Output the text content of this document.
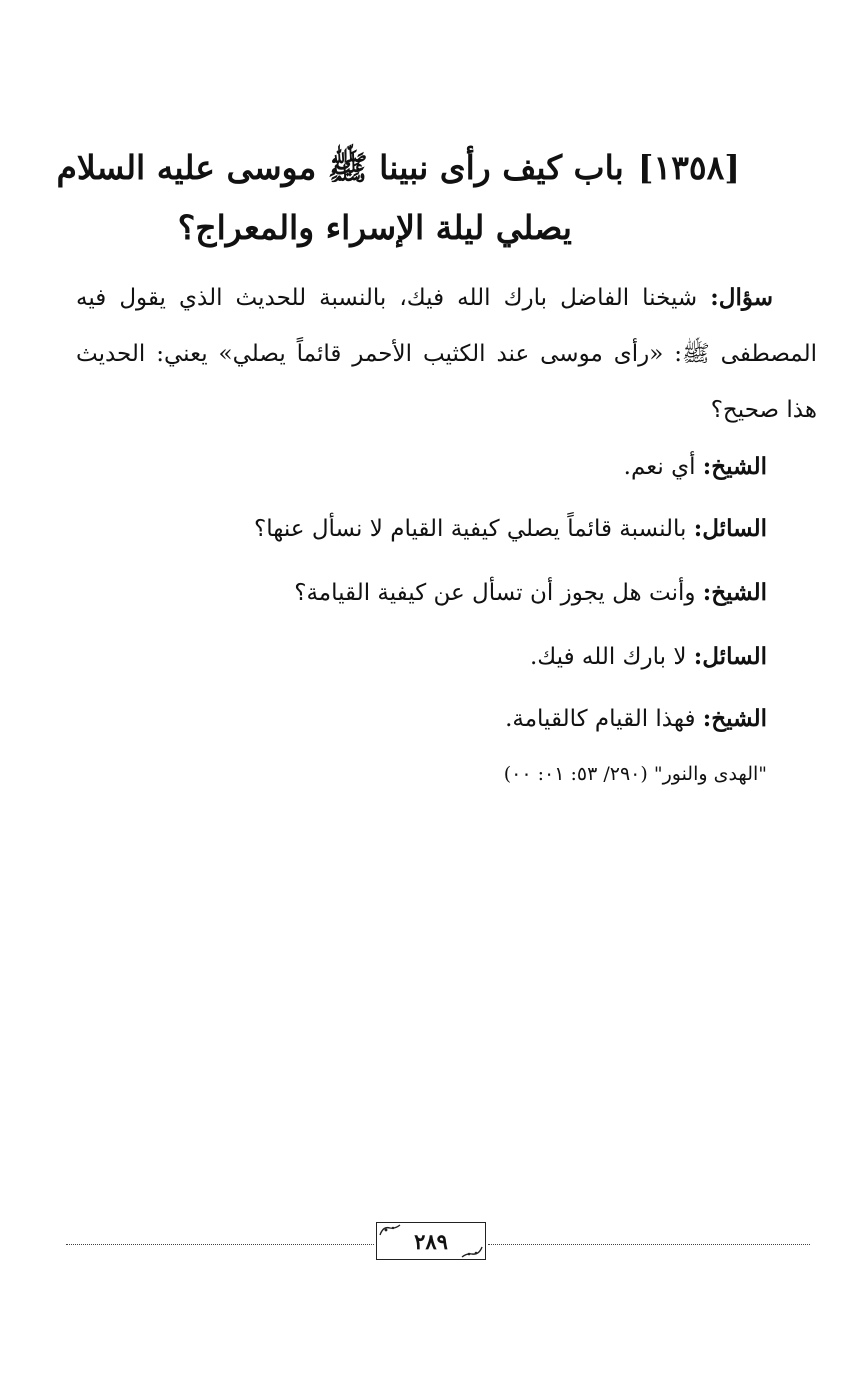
[١٣٥٨]باب كيف رأى نبينا ﷺ موسى عليه السلام
يصلي ليلة الإسراء والمعراج؟
سؤال: شيخنا الفاضل بارك الله فيك، بالنسبة للحديث الذي يقول فيه المصطفى ﷺ: «رأى موسى عند الكثيب الأحمر قائماً يصلي» يعني: الحديث هذا صحيح؟
الشيخ: أي نعم.
السائل: بالنسبة قائماً يصلي كيفية القيام لا نسأل عنها؟
الشيخ: وأنت هل يجوز أن تسأل عن كيفية القيامة؟
السائل: لا بارك الله فيك.
الشيخ: فهذا القيام كالقيامة.
"الهدى والنور" (٢٩٠/ ٥٣: ٠١: ٠٠)
٢٨٩
